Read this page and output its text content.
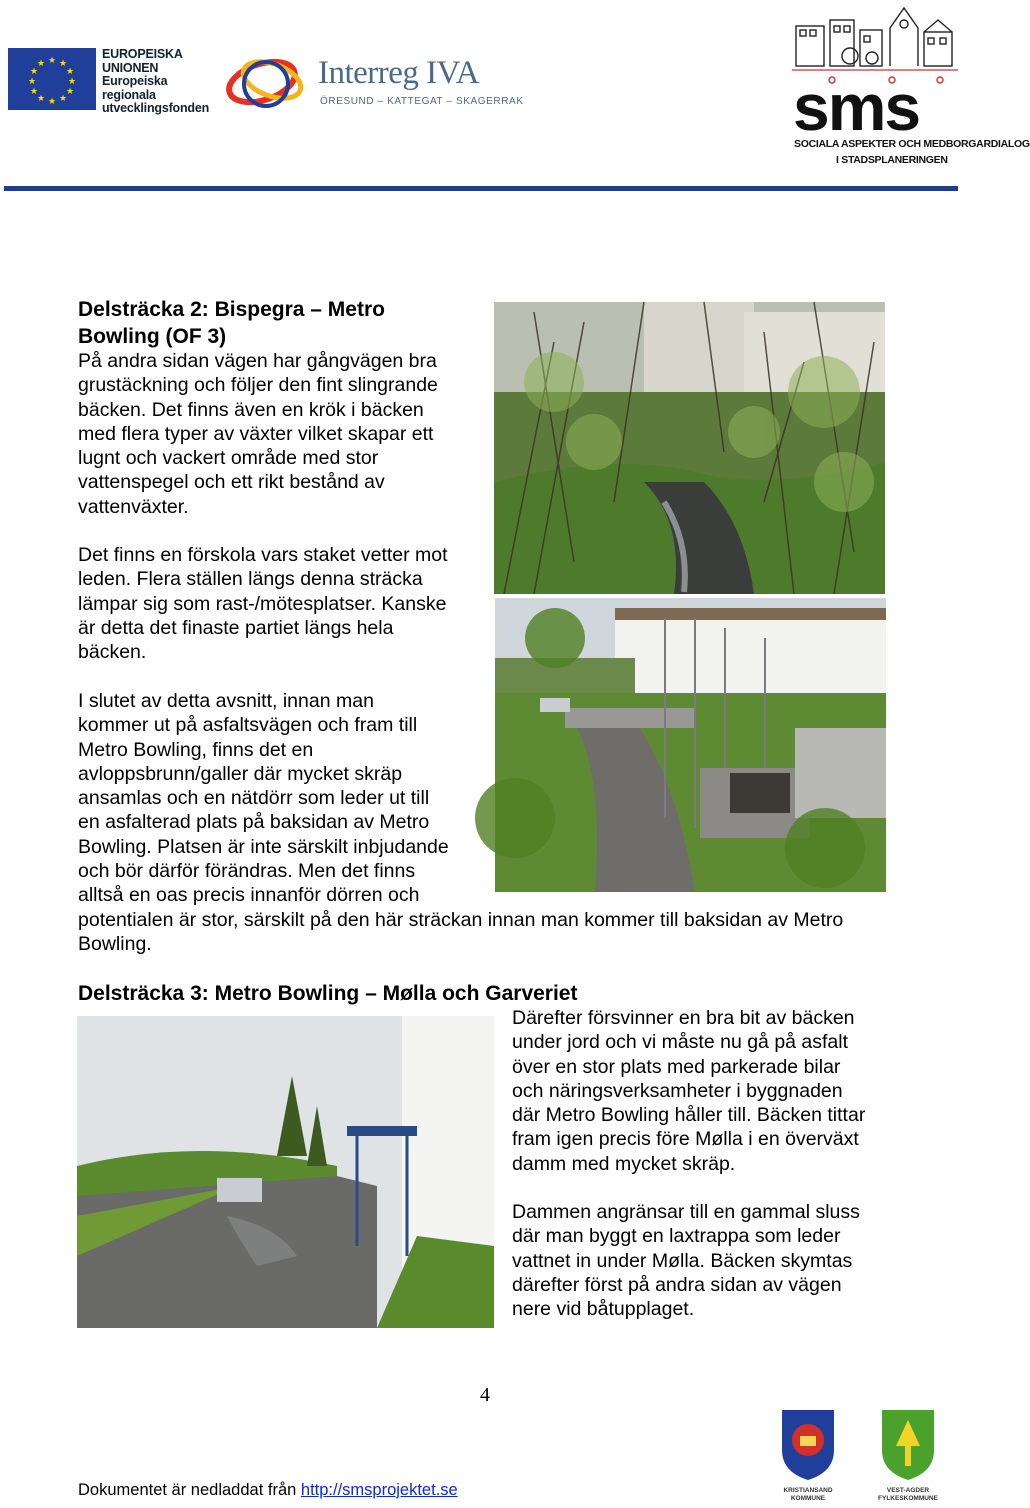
★ ★
★
★
★
★
★
★
★
★
★
★
EUROPEISKA
UNIONEN
Europeiska
regionala
utvecklingsfonden
Interreg IVA
ÖRESUND – KATTEGAT – SKAGERRAK	sms
SOCIALA ASPEKTER OCH MEDBORGARDIALOG
I STADSPLANERINGEN
Delsträcka 2: Bispegra – Metro
Bowling (OF 3)
På andra sidan vägen har gångvägen bra
grustäckning och följer den fint slingrande
bäcken. Det finns även en krök i bäcken
med flera typer av växter vilket skapar ett
lugnt och vackert område med stor
vattenspegel och ett rikt bestånd av
vattenväxter.
Det finns en förskola vars staket vetter mot
leden. Flera ställen längs denna sträcka
lämpar sig som rast-/mötesplatser. Kanske
är detta det finaste partiet längs hela
bäcken.
I slutet av detta avsnitt, innan man
kommer ut på asfaltsvägen och fram till
Metro Bowling, finns det en
avloppsbrunn/galler där mycket skräp
ansamlas och en nätdörr som leder ut till
en asfalterad plats på baksidan av Metro
Bowling. Platsen är inte särskilt inbjudande
och bör därför förändras. Men det finns
alltså en oas precis innanför dörren och
potentialen är stor, särskilt på den här sträckan innan man kommer till baksidan av Metro
Bowling.
Delsträcka 3: Metro Bowling – Mølla och Garveriet
Därefter försvinner en bra bit av bäcken
under jord och vi måste nu gå på asfalt
över en stor plats med parkerade bilar
och näringsverksamheter i byggnaden
där Metro Bowling håller till. Bäcken tittar
fram igen precis före Mølla i en överväxt
damm med mycket skräp.
Dammen angränsar till en gammal sluss
där man byggt en laxtrappa som leder
vattnet in under Mølla. Bäcken skymtas
därefter först på andra sidan av vägen
nere vid båtupplaget.
4
Dokumentet är nedladdat från http://smsprojektet.se	KRISTIANSAND KOMMUNE
VEST-AGDER FYLKESKOMMUNE
